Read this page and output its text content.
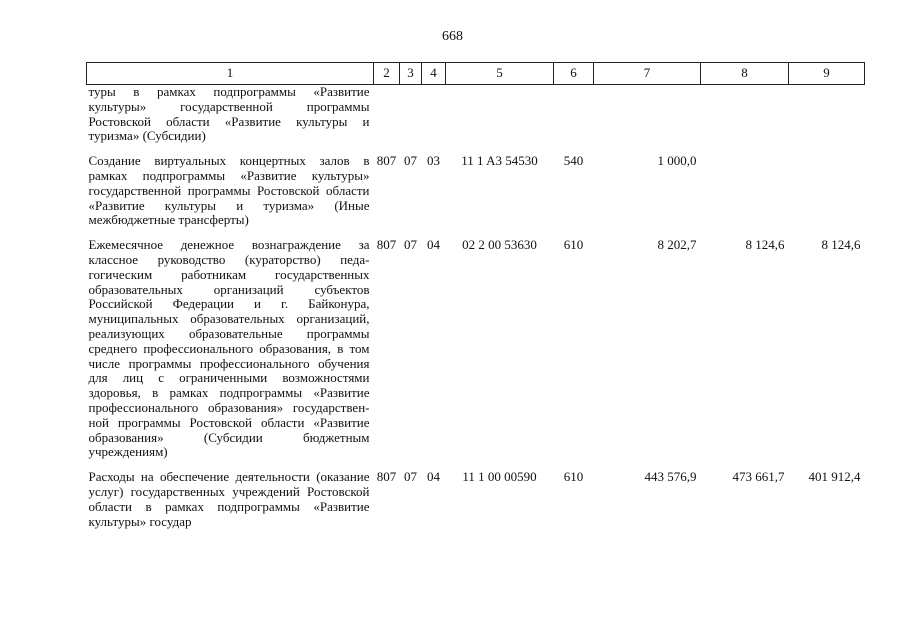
668
1	2	3	4	5	6	7	8	9
туры в рамках подпрограммы «Развитие культуры» государственной программы Ростовской области «Развитие культуры и туризма» (Субсидии)								
Создание виртуальных концертных залов в рамках подпрограммы «Развитие культуры» государственной программы Ростовской области «Развитие культуры и туризма» (Иные межбюджетные трансферты)	807	07	03	11 1 A3 54530	540	1 000,0		
Ежемесячное денежное вознаграждение за классное руководство (кураторство) педагогическим работникам государственных образовательных организаций субъектов Российской Федерации и г. Байконура, муниципальных образовательных организаций, реализующих образовательные программы среднего профессионального образования, в том числе программы профессионального обучения для лиц с ограниченными возможностями здоровья, в рамках подпрограммы «Развитие профессионального образования» государственной программы Ростовской области «Развитие образования» (Субсидии бюджетным учреждениям)	807	07	04	02 2 00 53630	610	8 202,7	8 124,6	8 124,6
Расходы на обеспечение деятельности (оказание услуг) государственных учреждений Ростовской области в рамках подпрограммы «Развитие культуры» государ	807	07	04	11 1 00 00590	610	443 576,9	473 661,7	401 912,4
